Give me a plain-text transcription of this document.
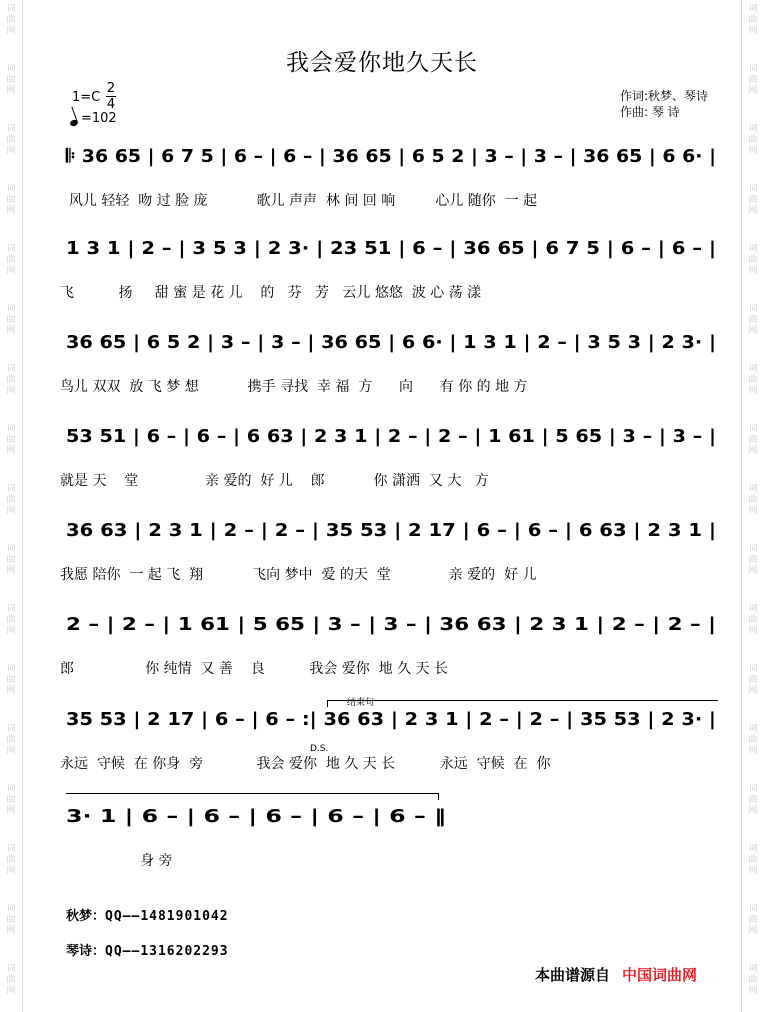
词
曲
网
词
曲
网
词
曲
网
词
曲
网
词
曲
网
词
曲
网
词
曲
网
词
曲
网
词
曲
网
词
曲
网
词
曲
网
词
曲
网
词
曲
网
词
曲
网
词
曲
网
词
曲
网
词
曲
网
词
曲
网
词
曲
网
词
曲
网
词
曲
网
词
曲
网
词
曲
网
词
曲
网
词
曲
网
词
曲
网
词
曲
网
词
曲
网
词
曲
网
词
曲
网
词
曲
网
词
曲
网
词
曲
网
词
曲
网
我会爱你地久天长
1=C
2
4
=102
作词:秋梦、琴诗
作曲: 琴 诗
𝄆 36 65 | 6 7 5 | 6 – | 6 – | 36 65 | 6 5 2 | 3 – | 3 – | 36 65 | 6 6· |
风儿 轻轻  吻 过 脸 庞           歌儿 声声  林 间 回 响         心儿 随你  一 起
1 3 1 | 2 – | 3 5 3 | 2 3· | 23 51 | 6 – | 36 65 | 6 7 5 | 6 – | 6 – |
飞          扬     甜 蜜 是 花 儿    的   芬   芳   云儿 悠悠  波 心 荡 漾
36 65 | 6 5 2 | 3 – | 3 – | 36 65 | 6 6· | 1 3 1 | 2 – | 3 5 3 | 2 3· |
鸟儿 双双  放 飞 梦 想           携手 寻找  幸 福  方      向      有 你 的 地 方
53 51 | 6 – | 6 – | 6 63 | 2 3 1 | 2 – | 2 – | 1 61 | 5 65 | 3 – | 3 – |
就是 天    堂               亲 爱的  好 儿    郎           你 潇洒  又 大   方
36 63 | 2 3 1 | 2 – | 2 – | 35 53 | 2 17 | 6 – | 6 – | 6 63 | 2 3 1 |
我愿 陪你  一 起 飞  翔           飞向 梦中  爱 的天  堂             亲 爱的  好 儿
2 – | 2 – | 1 61 | 5 65 | 3 – | 3 – | 36 63 | 2 3 1 | 2 – | 2 – |
郎                你 纯情  又 善    良          我会 爱你  地 久 天 长
35 53 | 2 17 | 6 – | 6 – :| 36 63 | 2 3 1 | 2 – | 2 – | 35 53 | 2 3· |
永远  守候  在 你身  旁            我会 爱你  地 久 天 长          永远  守候  在  你
3· 1 | 6 – | 6 – | 6 – | 6 – | 6 – ‖
身 旁
结束句
D.S.
秋梦：QQ——1481901042
琴诗：QQ——1316202293
本曲谱源自 中国词曲网
